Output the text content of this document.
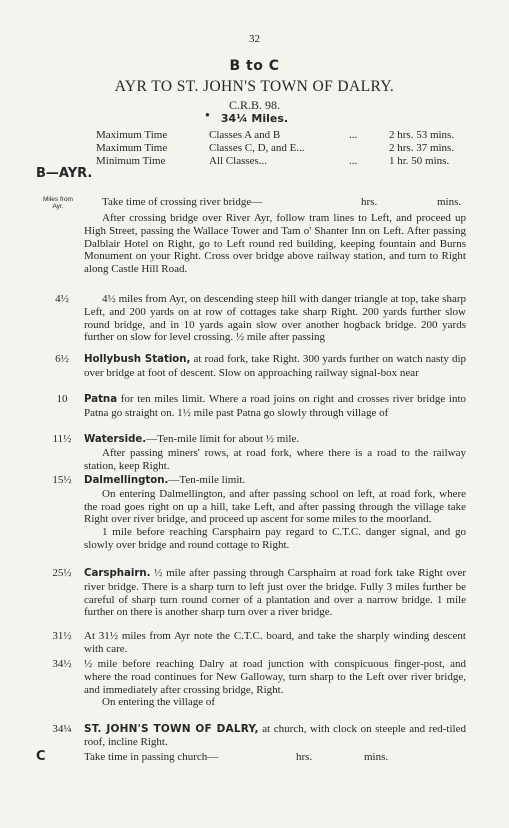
32
B to C
AYR TO ST. JOHN'S TOWN OF DALRY.
C.R.B. 98.
●	34¼ Miles.
Maximum Time	Classes A and B	...	2 hrs. 53 mins.
Maximum Time	Classes C, D, and E...	2 hrs. 37 mins.
Minimum Time	All Classes...	...	1 hr. 50 mins.
B—AYR.
Miles from Ayr.	Take time of crossing river bridge—	hrs.	mins.
After crossing bridge over River Ayr, follow tram lines to Left, and proceed up High Street, passing the Wallace Tower and Tam o' Shanter Inn on Left. After passing Dalblair Hotel on Right, go to Left round red building, keeping fountain and Burns Monument on your Right. Cross over bridge above railway station, and turn to Right along Castle Hill Road.
4½	4½ miles from Ayr, on descending steep hill with danger triangle at top, take sharp Left, and 200 yards on at row of cottages take sharp Right. 200 yards further slow round bridge, and in 10 yards again slow over another hogback bridge. 200 yards further on slow for level crossing. ½ mile after passing
6½	Hollybush Station, at road fork, take Right. 300 yards further on watch nasty dip over bridge at foot of descent. Slow on approaching railway signal-box near
10	Patna for ten miles limit. Where a road joins on right and crosses river bridge into Patna go straight on. 1½ mile past Patna go slowly through village of
11½	Waterside.—Ten-mile limit for about ½ mile.
After passing miners' rows, at road fork, where there is a road to the railway station, keep Right.
15½	Dalmellington.—Ten-mile limit.
On entering Dalmellington, and after passing school on left, at road fork, where the road goes right on up a hill, take Left, and after passing through the village take Right over river bridge, and proceed up ascent for some miles to the moorland.
1 mile before reaching Carsphairn pay regard to C.T.C. danger signal, and go slowly over bridge and round cottage to Right.
25½	Carsphairn. ½ mile after passing through Carsphairn at road fork take Right over river bridge. There is a sharp turn to left just over the bridge. Fully 3 miles further be careful of sharp turn round corner of a plantation and over a narrow bridge. 1 mile further on there is another sharp turn over a river bridge.
31½	At 31½ miles from Ayr note the C.T.C. board, and take the sharply winding descent with care.
34½	½ mile before reaching Dalry at road junction with conspicuous finger-post, and where the road continues for New Galloway, turn sharp to the Left over river bridge, and immediately after crossing bridge, Right.
On entering the village of
34¼	ST. JOHN'S TOWN OF DALRY, at church, with clock on steeple and red-tiled roof, incline Right.
C	Take time in passing church—	hrs.	mins.
